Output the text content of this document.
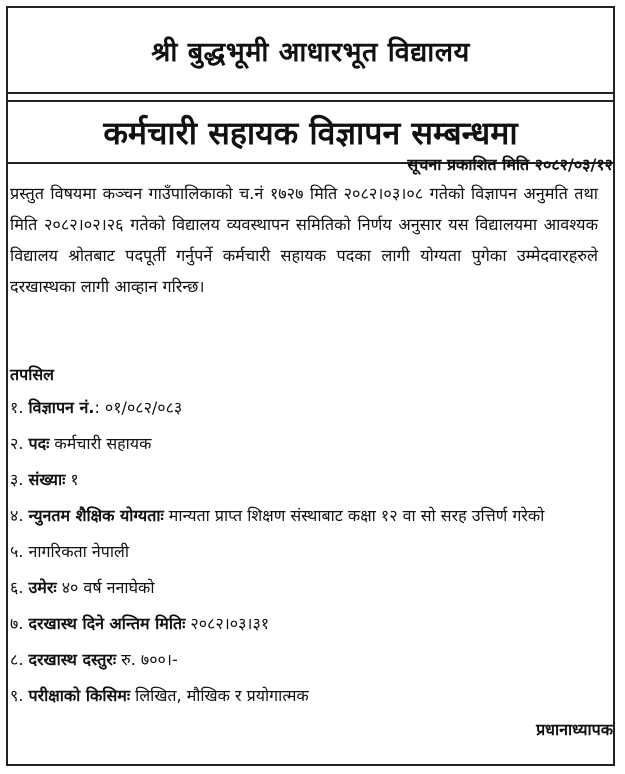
श्री बुद्धभूमी आधारभूत विद्यालय
कर्मचारी सहायक विज्ञापन सम्बन्धमा
सूचना प्रकाशित मिति २०८२/०३/१२
प्रस्तुत विषयमा कञ्चन गाउँपालिकाको च.नं १७२७ मिति २०८२।०३।०८ गतेको विज्ञापन अनुमति तथा मिति २०८२।०२।२६ गतेको विद्यालय व्यवस्थापन समितिको निर्णय अनुसार यस विद्यालयमा आवश्यक विद्यालय श्रोतबाट पदपूर्ती गर्नुपर्ने कर्मचारी सहायक पदका लागी योग्यता पुगेका उम्मेदवारहरुले दरखास्थका लागी आव्हान गरिन्छ।
तपसिल
१. विज्ञापन नं.: ०१/०८२/०८३
२. पदः कर्मचारी सहायक
३. संख्याः १
४. न्युनतम शैक्षिक योग्यताः मान्यता प्राप्त शिक्षण संस्थाबाट कक्षा १२ वा सो सरह उत्तिर्ण गरेको
५. नागरिकता नेपाली
६. उमेरः ४० वर्ष ननाघेको
७. दरखास्थ दिने अन्तिम मितिः २०८२।०३।३१
८. दरखास्थ दस्तुरः रु. ७००।-
९. परीक्षाको किसिमः लिखित, मौखिक र प्रयोगात्मक
प्रधानाध्यापक
